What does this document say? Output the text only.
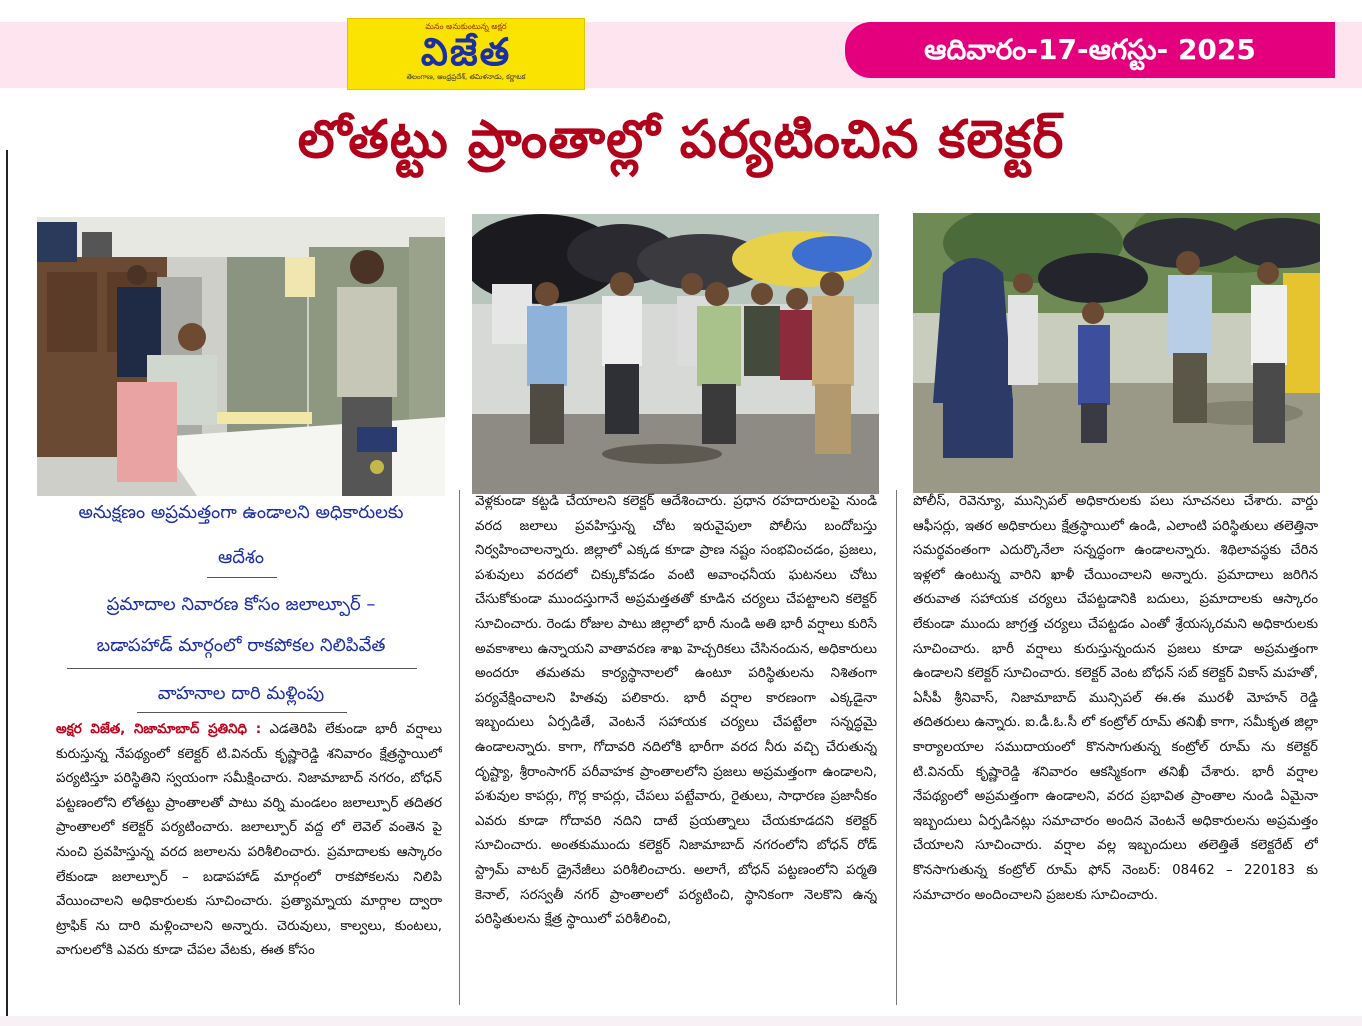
మనం అనుకుంటున్న అక్షర
విజేత
తెలంగాణ, ఆంధ్రప్రదేశ్, తమిళనాడు, కర్ణాటక
ఆదివారం-17-ఆగస్టు- 2025
లోతట్టు ప్రాంతాల్లో పర్యటించిన కలెక్టర్
అనుక్షణం అప్రమత్తంగా ఉండాలని అధికారులకు
ఆదేశం
ప్రమాదాల నివారణ కోసం జలాల్పూర్ –
బడాపహాడ్ మార్గంలో రాకపోకల నిలిపివేత
వాహనాల దారి మళ్లింపు
అక్షర విజేత, నిజామాబాద్ ప్రతినిధి : ఎడతెరిపి లేకుండా భారీ వర్షాలు కురుస్తున్న నేపథ్యంలో కలెక్టర్ టి.వినయ్ కృష్ణారెడ్డి శనివారం క్షేత్రస్థాయిలో పర్యటిస్తూ పరిస్థితిని స్వయంగా సమీక్షించారు. నిజామాబాద్ నగరం, బోధన్ పట్టణంలోని లోతట్టు ప్రాంతాలతో పాటు వర్ని మండలం జలాల్పూర్ తదితర ప్రాంతాలలో కలెక్టర్ పర్యటించారు. జలాల్పూర్ వద్ద లో లెవెల్ వంతెన పై నుంచి ప్రవహిస్తున్న వరద జలాలను పరిశీలించారు. ప్రమాదాలకు ఆస్కారం లేకుండా జలాల్పూర్ – బడాపహాడ్ మార్గంలో రాకపోకలను నిలిపి వేయించాలని అధికారులకు సూచించారు. ప్రత్యామ్నాయ మార్గాల ద్వారా ట్రాఫిక్ ను దారి మళ్లించాలని అన్నారు. చెరువులు, కాల్వలు, కుంటలు, వాగులలోకి ఎవరు కూడా చేపల వేటకు, ఈత కోసం
వెళ్లకుండా కట్టడి చేయాలని కలెక్టర్ ఆదేశించారు. ప్రధాన రహదారులపై నుండి వరద జలాలు ప్రవహిస్తున్న చోట ఇరువైపులా పోలీసు బందోబస్తు నిర్వహించాలన్నారు. జిల్లాలో ఎక్కడ కూడా ప్రాణ నష్టం సంభవించడం, ప్రజలు, పశువులు వరదలో చిక్కుకోవడం వంటి అవాంఛనీయ ఘటనలు చోటు చేసుకోకుండా ముందస్తుగానే అప్రమత్తతతో కూడిన చర్యలు చేపట్టాలని కలెక్టర్ సూచించారు. రెండు రోజుల పాటు జిల్లాలో భారీ నుండి అతి భారీ వర్షాలు కురిసే అవకాశాలు ఉన్నాయని వాతావరణ శాఖ హెచ్చరికలు చేసినందున, అధికారులు అందరూ తమతమ కార్యస్థానాలలో ఉంటూ పరిస్థితులను నిశితంగా పర్యవేక్షించాలని హితవు పలికారు. భారీ వర్షాల కారణంగా ఎక్కడైనా ఇబ్బందులు ఏర్పడితే, వెంటనే సహాయక చర్యలు చేపట్టేలా సన్నద్ధమై ఉండాలన్నారు. కాగా, గోదావరి నదిలోకి భారీగా వరద నీరు వచ్చి చేరుతున్న దృష్ట్యా, శ్రీరాంసాగర్ పరీవాహక ప్రాంతాలలోని ప్రజలు అప్రమత్తంగా ఉండాలని, పశువుల కాపర్లు, గొర్ల కాపర్లు, చేపలు పట్టేవారు, రైతులు, సాధారణ ప్రజానీకం ఎవరు కూడా గోదావరి నదిని దాటే ప్రయత్నాలు చేయకూడదని కలెక్టర్ సూచించారు. అంతకుముందు కలెక్టర్ నిజామాబాద్ నగరంలోని బోధన్ రోడ్ స్ట్రామ్ వాటర్ డ్రైనేజీలు పరిశీలించారు. అలాగే, బోధన్ పట్టణంలోని పర్మతి కెనాల్, సరస్వతీ నగర్ ప్రాంతాలలో పర్యటించి, స్థానికంగా నెలకొని ఉన్న పరిస్థితులను క్షేత్ర స్థాయిలో పరిశీలించి,
పోలీస్, రెవెన్యూ, మున్సిపల్ అధికారులకు పలు సూచనలు చేశారు. వార్డు ఆఫీసర్లు, ఇతర అధికారులు క్షేత్రస్థాయిలో ఉండి, ఎలాంటి పరిస్థితులు తలెత్తినా సమర్థవంతంగా ఎదుర్కొనేలా సన్నద్ధంగా ఉండాలన్నారు. శిథిలావస్థకు చేరిన ఇళ్లలో ఉంటున్న వారిని ఖాళీ చేయించాలని అన్నారు. ప్రమాదాలు జరిగిన తరువాత సహాయక చర్యలు చేపట్టడానికి బదులు, ప్రమాదాలకు ఆస్కారం లేకుండా ముందు జాగ్రత్త చర్యలు చేపట్టడం ఎంతో శ్రేయస్కరమని అధికారులకు సూచించారు. భారీ వర్షాలు కురుస్తున్నందున ప్రజలు కూడా అప్రమత్తంగా ఉండాలని కలెక్టర్ సూచించారు. కలెక్టర్ వెంట బోధన్ సబ్ కలెక్టర్ వికాస్ మహతో, ఏసీపీ శ్రీనివాస్, నిజామాబాద్ మున్సిపల్ ఈ.ఈ మురళీ మోహన్ రెడ్డి తదితరులు ఉన్నారు. ఐ.డీ.ఓ.సీ లో కంట్రోల్ రూమ్ తనిఖీ కాగా, సమీకృత జిల్లా కార్యాలయాల సముదాయంలో కొనసాగుతున్న కంట్రోల్ రూమ్ ను కలెక్టర్ టి.వినయ్ కృష్ణారెడ్డి శనివారం ఆకస్మికంగా తనిఖీ చేశారు. భారీ వర్షాల నేపథ్యంలో అప్రమత్తంగా ఉండాలని, వరద ప్రభావిత ప్రాంతాల నుండి ఏమైనా ఇబ్బందులు ఏర్పడినట్లు సమాచారం అందిన వెంటనే అధికారులను అప్రమత్తం చేయాలని సూచించారు. వర్షాల వల్ల ఇబ్బందులు తలెత్తితే కలెక్టరేట్ లో కొనసాగుతున్న కంట్రోల్ రూమ్ ఫోన్ నెంబర్: 08462 – 220183 కు సమాచారం అందించాలని ప్రజలకు సూచించారు.
